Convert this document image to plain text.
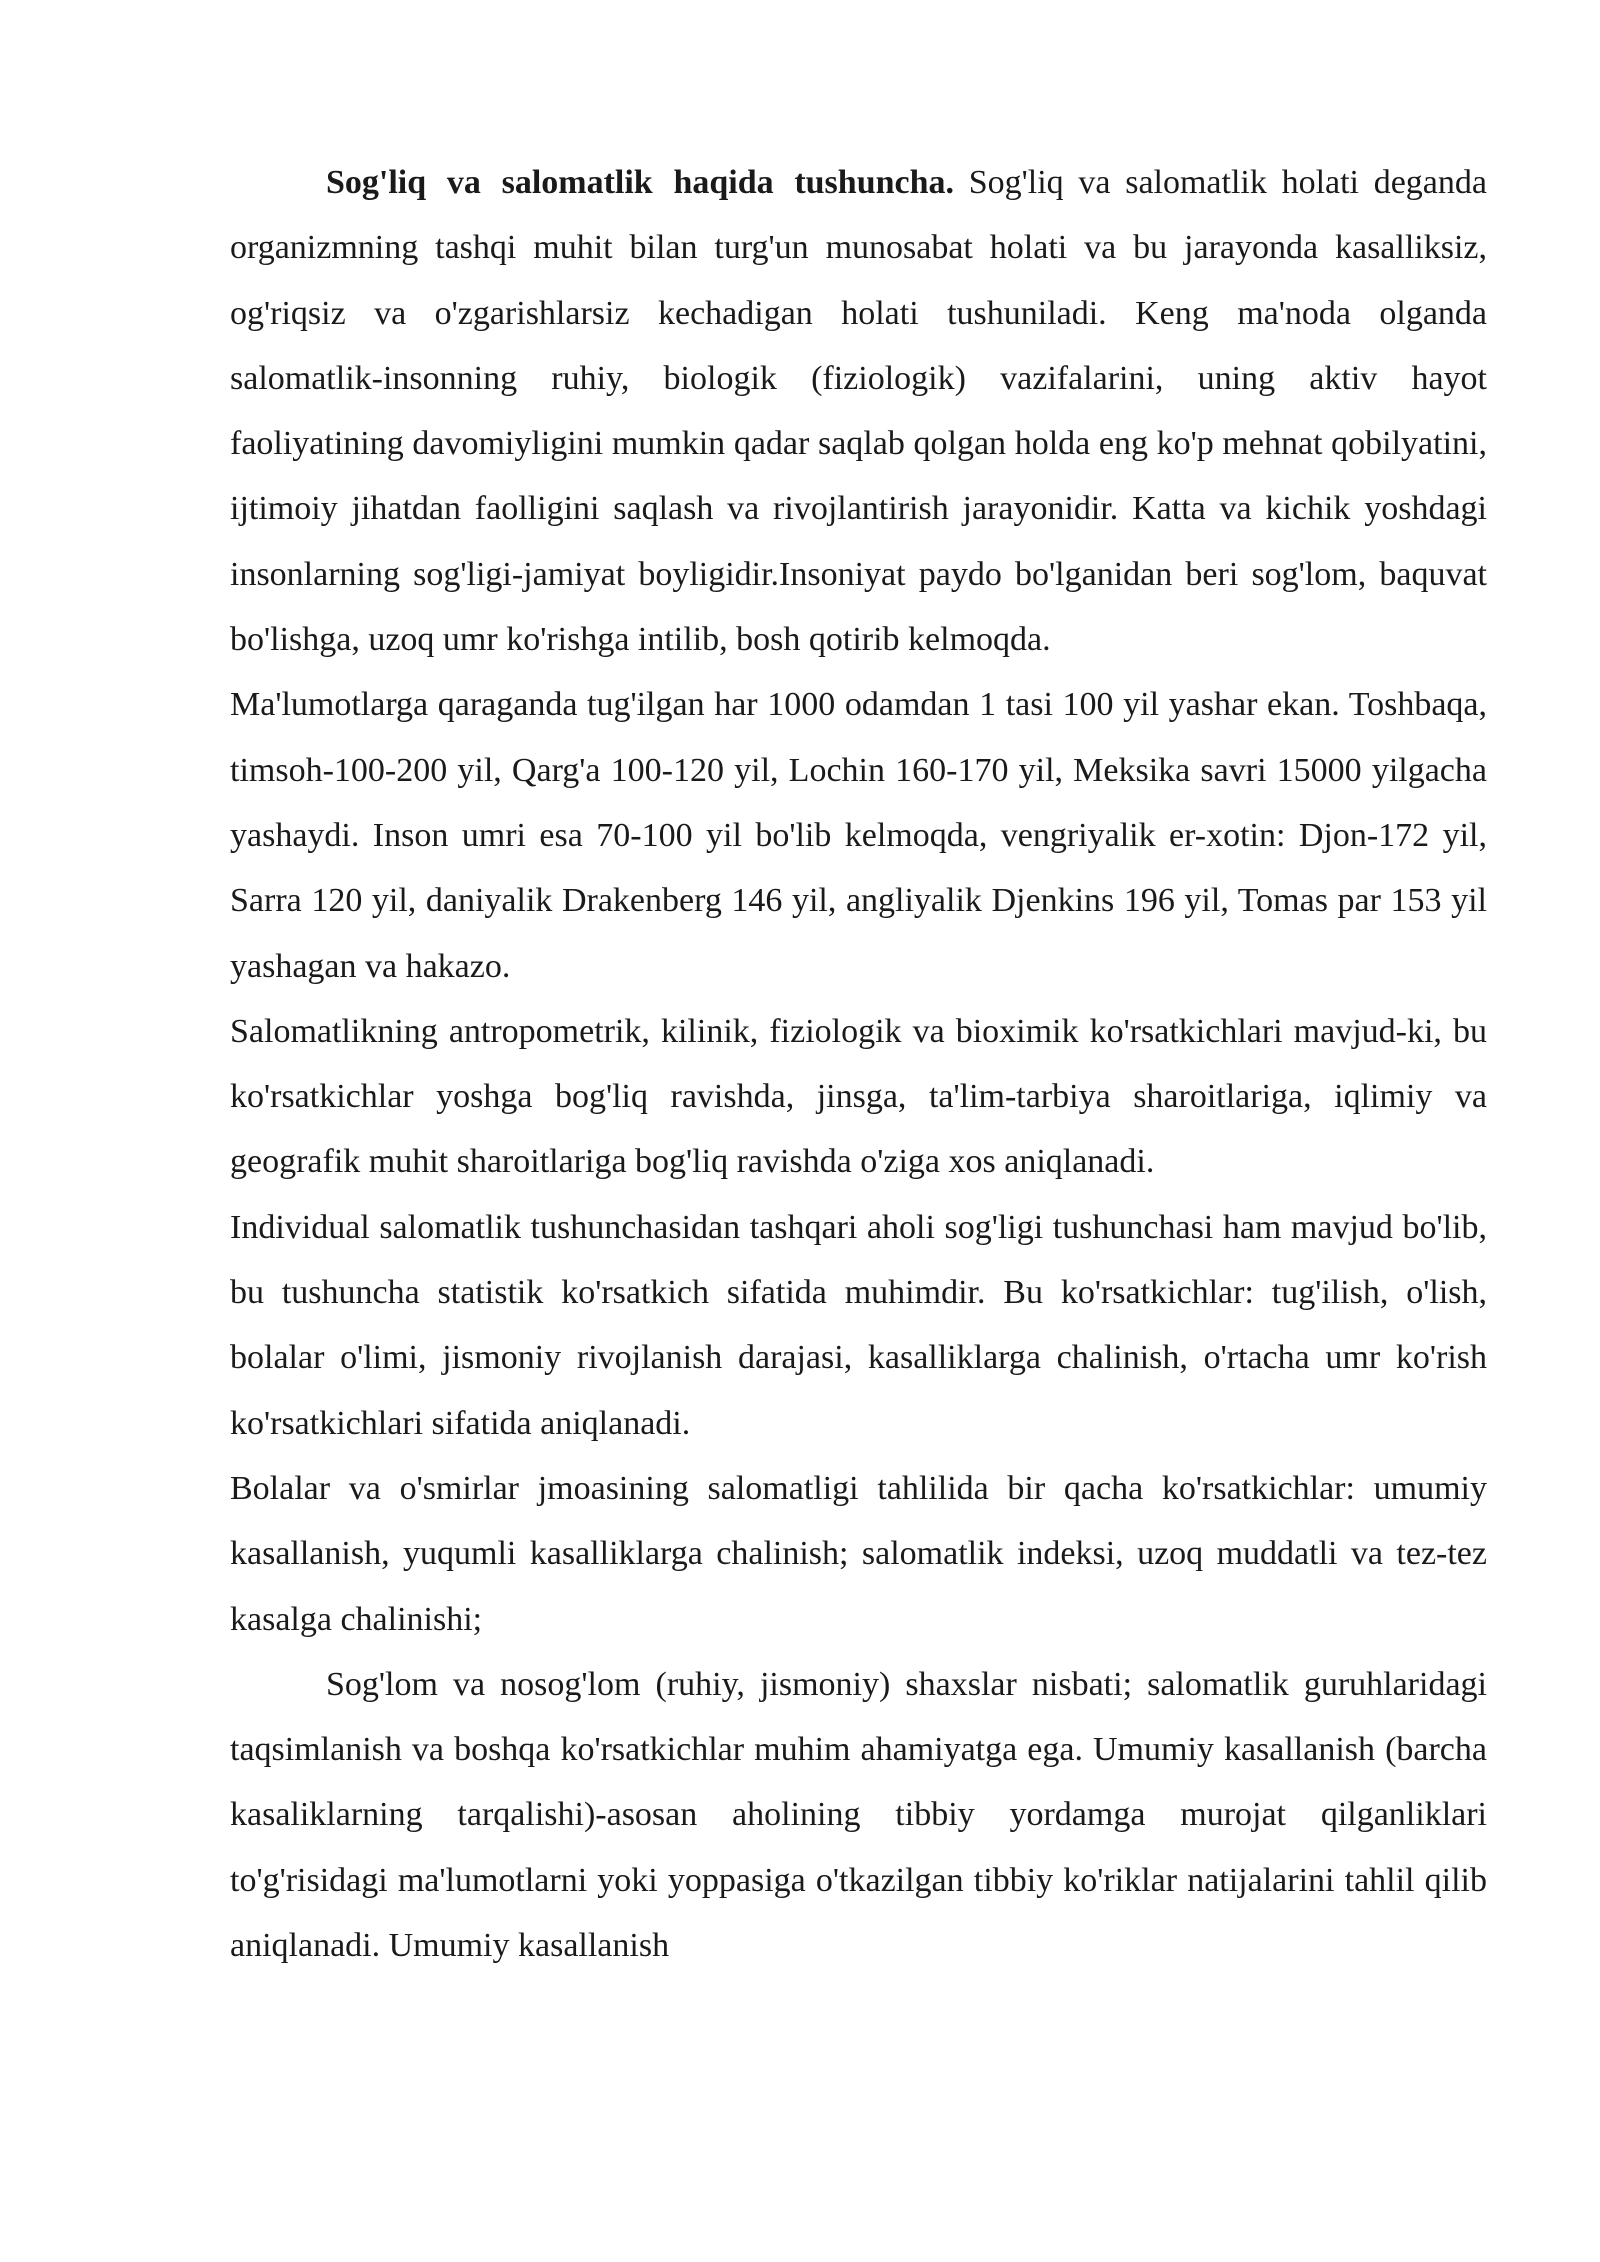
Sog'liq va salomatlik haqida tushuncha. Sog'liq va salomatlik holati deganda organizmning tashqi muhit bilan turg'un munosabat holati va bu jarayonda kasalliksiz, og'riqsiz va o'zgarishlarsiz kechadigan holati tushuniladi. Keng ma'noda olganda salomatlik-insonning ruhiy, biologik (fiziologik) vazifalarini, uning aktiv hayot faoliyatining davomiyligini mumkin qadar saqlab qolgan holda eng ko'p mehnat qobilyatini, ijtimoiy jihatdan faolligini saqlash va rivojlantirish jarayonidir. Katta va kichik yoshdagi insonlarning sog'ligi-jamiyat boyligidir.Insoniyat paydo bo'lganidan beri sog'lom, baquvat bo'lishga, uzoq umr ko'rishga intilib, bosh qotirib kelmoqda.

Ma'lumotlarga qaraganda tug'ilgan har 1000 odamdan 1 tasi 100 yil yashar ekan. Toshbaqa, timsoh-100-200 yil, Qarg'a 100-120 yil, Lochin 160-170 yil, Meksika savri 15000 yilgacha yashaydi. Inson umri esa 70-100 yil bo'lib kelmoqda, vengriyalik er-xotin: Djon-172 yil, Sarra 120 yil, daniyalik Drakenberg 146 yil, angliyalik Djenkins 196 yil, Tomas par 153 yil yashagan va hakazo.

Salomatlikning antropometrik, kilinik, fiziologik va bioximik ko'rsatkichlari mavjud-ki, bu ko'rsatkichlar yoshga bog'liq ravishda, jinsga, ta'lim-tarbiya sharoitlariga, iqlimiy va geografik muhit sharoitlariga bog'liq ravishda o'ziga xos aniqlanadi.

Individual salomatlik tushunchasidan tashqari aholi sog'ligi tushunchasi ham mavjud bo'lib, bu tushuncha statistik ko'rsatkich sifatida muhimdir. Bu ko'rsatkichlar: tug'ilish, o'lish, bolalar o'limi, jismoniy rivojlanish darajasi, kasalliklarga chalinish, o'rtacha umr ko'rish ko'rsatkichlari sifatida aniqlanadi.

Bolalar va o'smirlar jmoasining salomatligi tahlilida bir qacha ko'rsatkichlar: umumiy kasallanish, yuqumli kasalliklarga chalinish; salomatlik indeksi, uzoq muddatli va tez-tez kasalga chalinishi;

Sog'lom va nosog'lom (ruhiy, jismoniy) shaxslar nisbati; salomatlik guruhlaridagi taqsimlanish va boshqa ko'rsatkichlar muhim ahamiyatga ega. Umumiy kasallanish (barcha kasaliklarning tarqalishi)-asosan aholining tibbiy yordamga murojat qilganliklari to'g'risidagi ma'lumotlarni yoki yoppasiga o'tkazilgan tibbiy ko'riklar natijalarini tahlil qilib aniqlanadi. Umumiy kasallanish
